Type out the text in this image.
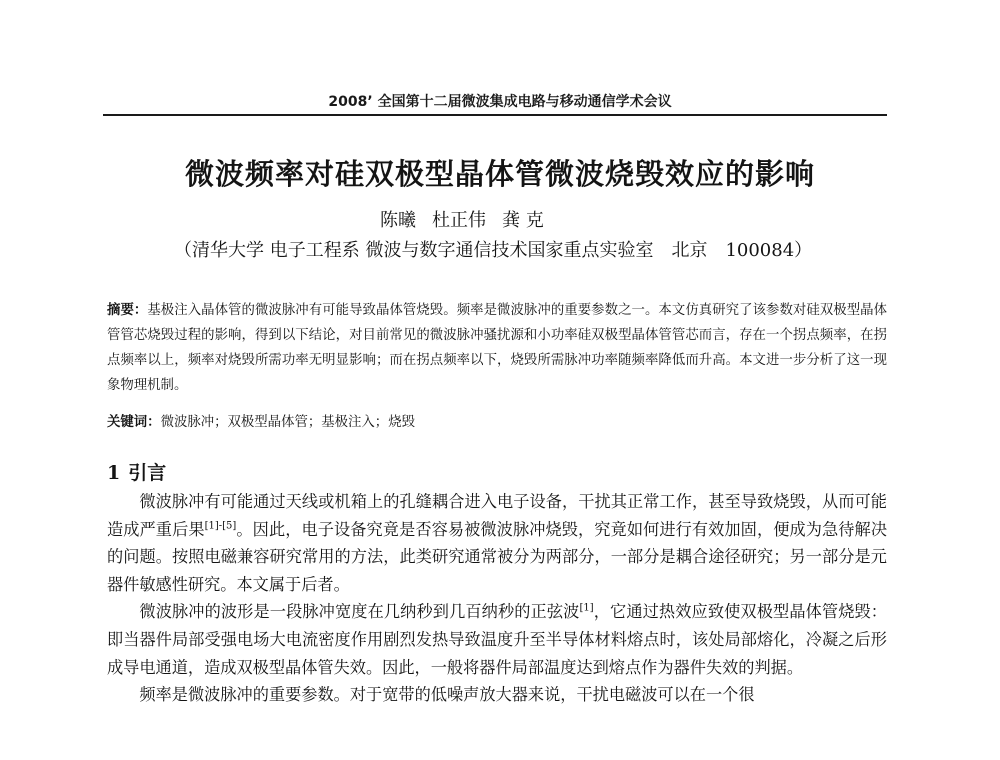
2008’ 全国第十二届微波集成电路与移动通信学术会议
微波频率对硅双极型晶体管微波烧毁效应的影响
陈曦 杜正伟 龚 克
（清华大学 电子工程系 微波与数字通信技术国家重点实验室　北京　100084）
摘要：基极注入晶体管的微波脉冲有可能导致晶体管烧毁。频率是微波脉冲的重要参数之一。本文仿真研究了该参数对硅双极型晶体管管芯烧毁过程的影响，得到以下结论，对目前常见的微波脉冲骚扰源和小功率硅双极型晶体管管芯而言，存在一个拐点频率，在拐点频率以上，频率对烧毁所需功率无明显影响；而在拐点频率以下，烧毁所需脉冲功率随频率降低而升高。本文进一步分析了这一现象物理机制。
关键词：微波脉冲；双极型晶体管；基极注入；烧毁
1 引言

微波脉冲有可能通过天线或机箱上的孔缝耦合进入电子设备，干扰其正常工作，甚至导致烧毁，从而可能造成严重后果[1]-[5]。因此，电子设备究竟是否容易被微波脉冲烧毁，究竟如何进行有效加固，便成为急待解决的问题。按照电磁兼容研究常用的方法，此类研究通常被分为两部分，一部分是耦合途径研究；另一部分是元器件敏感性研究。本文属于后者。

微波脉冲的波形是一段脉冲宽度在几纳秒到几百纳秒的正弦波[1]，它通过热效应致使双极型晶体管烧毁：即当器件局部受强电场大电流密度作用剧烈发热导致温度升至半导体材料熔点时，该处局部熔化，冷凝之后形成导电通道，造成双极型晶体管失效。因此，一般将器件局部温度达到熔点作为器件失效的判据。

频率是微波脉冲的重要参数。对于宽带的低噪声放大器来说，干扰电磁波可以在一个很
